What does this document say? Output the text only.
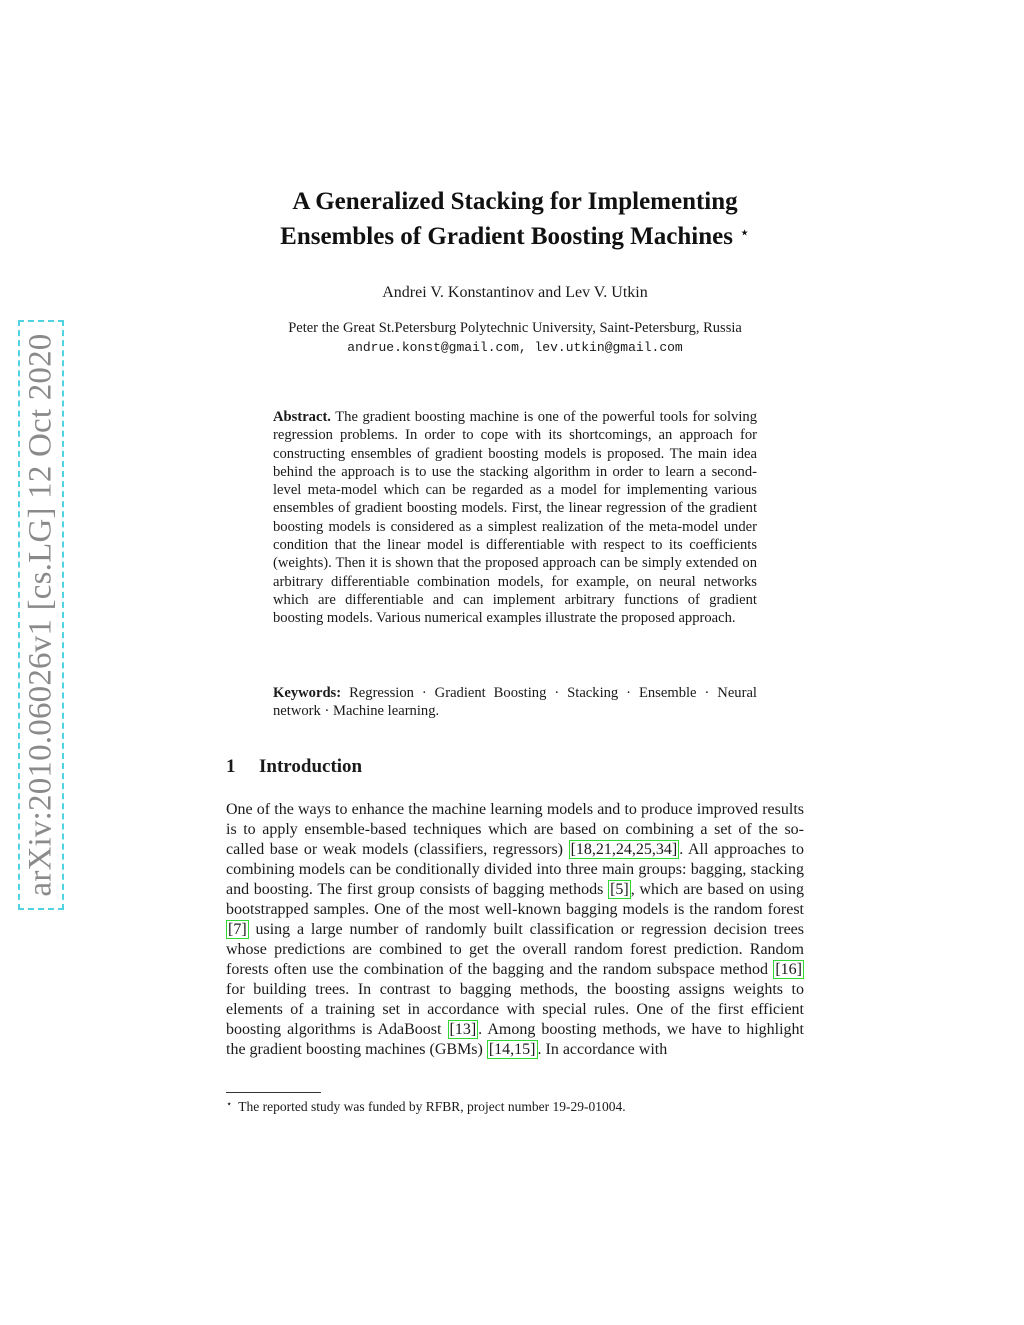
arXiv:2010.06026v1 [cs.LG] 12 Oct 2020
A Generalized Stacking for Implementing
Ensembles of Gradient Boosting Machines ⋆
Andrei V. Konstantinov and Lev V. Utkin
Peter the Great St.Petersburg Polytechnic University, Saint-Petersburg, Russia
andrue.konst@gmail.com, lev.utkin@gmail.com
Abstract. The gradient boosting machine is one of the powerful tools for solving regression problems. In order to cope with its shortcomings, an approach for constructing ensembles of gradient boosting models is proposed. The main idea behind the approach is to use the stacking algorithm in order to learn a second-level meta-model which can be regarded as a model for implementing various ensembles of gradient boosting models. First, the linear regression of the gradient boosting models is considered as a simplest realization of the meta-model under condition that the linear model is differentiable with respect to its coefficients (weights). Then it is shown that the proposed approach can be simply extended on arbitrary differentiable combination models, for example, on neural networks which are differentiable and can implement arbitrary functions of gradient boosting models. Various numerical examples illustrate the proposed approach.
Keywords: Regression · Gradient Boosting · Stacking · Ensemble · Neural network · Machine learning.
1 Introduction
One of the ways to enhance the machine learning models and to produce improved results is to apply ensemble-based techniques which are based on combining a set of the so-called base or weak models (classifiers, regressors) [18,21,24,25,34] . All approaches to combining models can be conditionally divided into three main groups: bagging, stacking and boosting. The first group consists of bagging methods [5] , which are based on using bootstrapped samples. One of the most well-known bagging models is the random forest [7] using a large number of randomly built classification or regression decision trees whose predictions are combined to get the overall random forest prediction. Random forests often use the combination of the bagging and the random subspace method [16] for building trees. In contrast to bagging methods, the boosting assigns weights to elements of a training set in accordance with special rules. One of the first efficient boosting algorithms is AdaBoost [13] . Among boosting methods, we have to highlight the gradient boosting machines (GBMs) [14,15] . In accordance with
⋆ The reported study was funded by RFBR, project number 19-29-01004.
